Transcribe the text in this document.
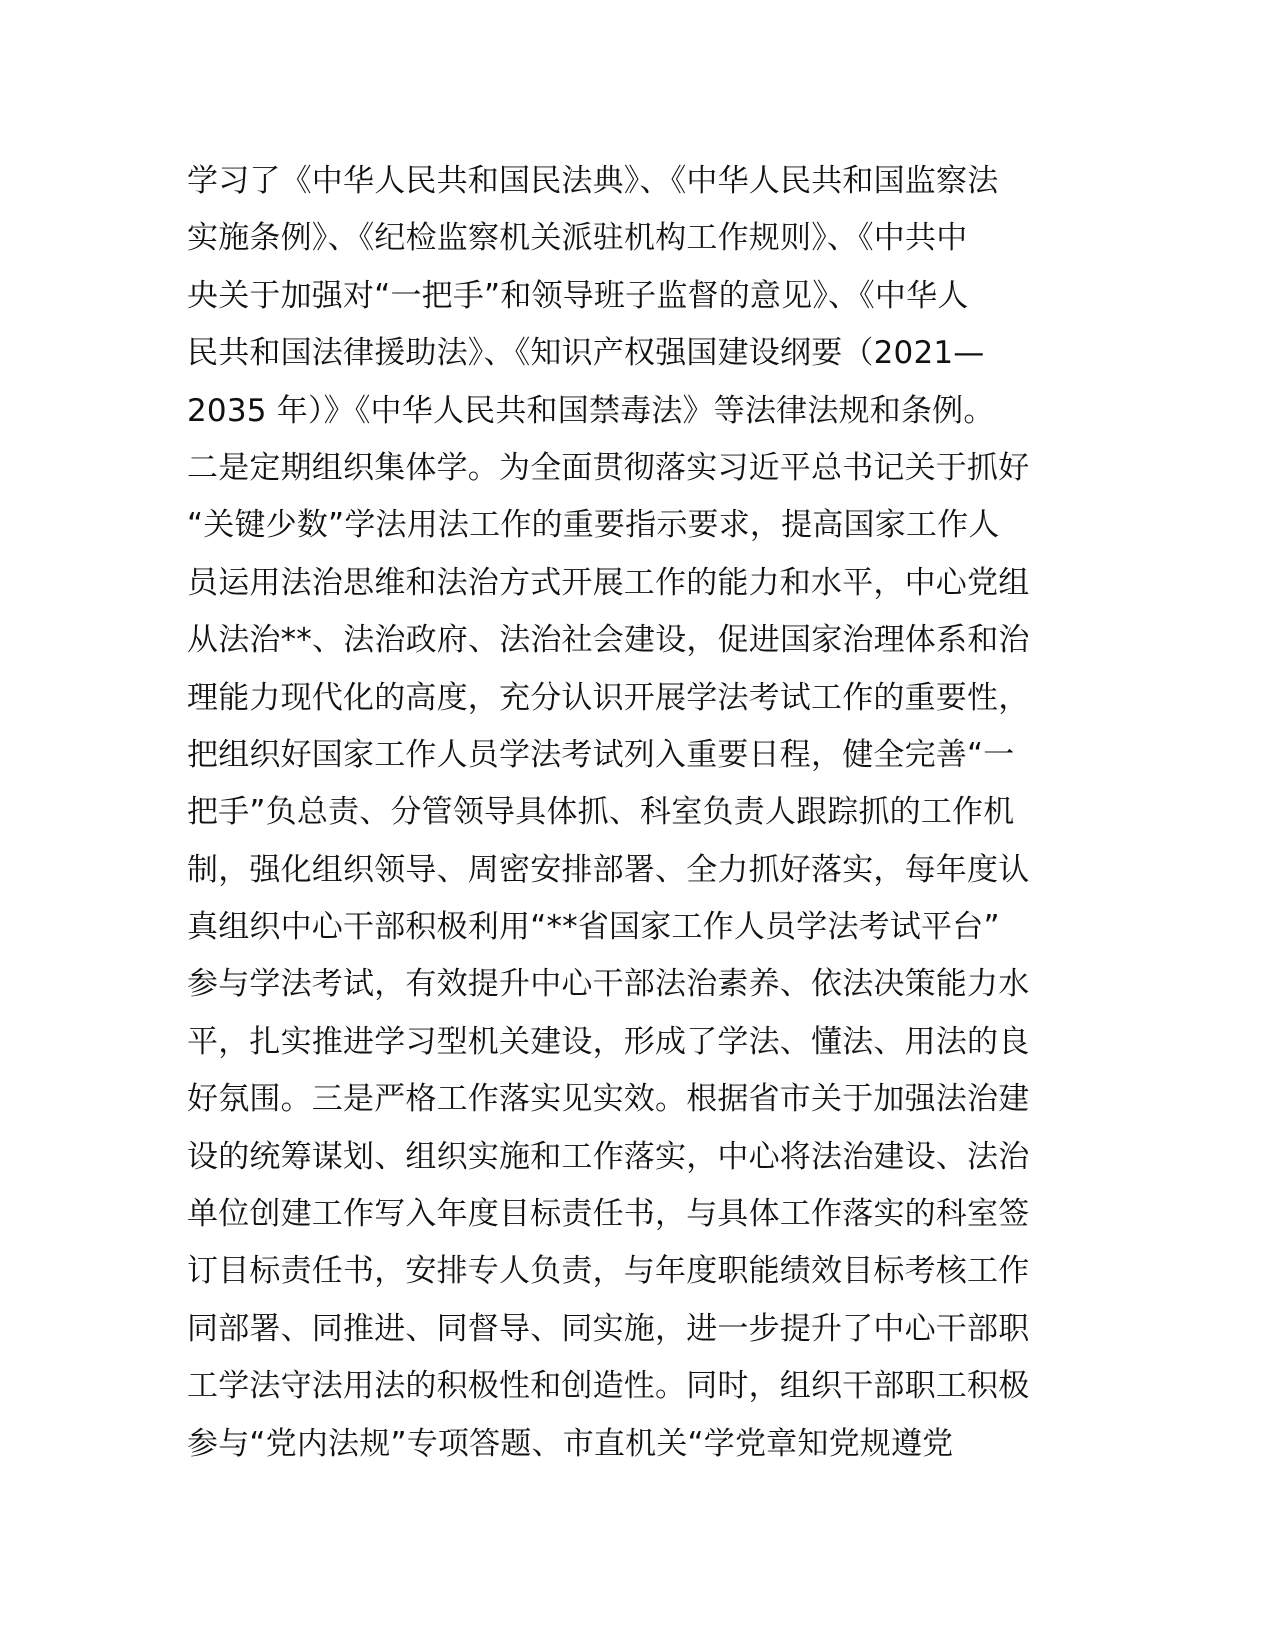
学习了《中华人民共和国民法典》、《中华人民共和国监察法
实施条例》、《纪检监察机关派驻机构工作规则》、《中共中
央关于加强对“一把手”和领导班子监督的意见》、《中华人
民共和国法律援助法》、《知识产权强国建设纲要（2021—
2035 年）》《中华人民共和国禁毒法》等法律法规和条例。
二是定期组织集体学。为全面贯彻落实习近平总书记关于抓好
“关键少数”学法用法工作的重要指示要求，提高国家工作人
员运用法治思维和法治方式开展工作的能力和水平，中心党组
从法治**、法治政府、法治社会建设，促进国家治理体系和治
理能力现代化的高度，充分认识开展学法考试工作的重要性，
把组织好国家工作人员学法考试列入重要日程，健全完善“一
把手”负总责、分管领导具体抓、科室负责人跟踪抓的工作机
制，强化组织领导、周密安排部署、全力抓好落实，每年度认
真组织中心干部积极利用“**省国家工作人员学法考试平台”
参与学法考试，有效提升中心干部法治素养、依法决策能力水
平，扎实推进学习型机关建设，形成了学法、懂法、用法的良
好氛围。三是严格工作落实见实效。根据省市关于加强法治建
设的统筹谋划、组织实施和工作落实，中心将法治建设、法治
单位创建工作写入年度目标责任书，与具体工作落实的科室签
订目标责任书，安排专人负责，与年度职能绩效目标考核工作
同部署、同推进、同督导、同实施，进一步提升了中心干部职
工学法守法用法的积极性和创造性。同时，组织干部职工积极
参与“党内法规”专项答题、市直机关“学党章知党规遵党
